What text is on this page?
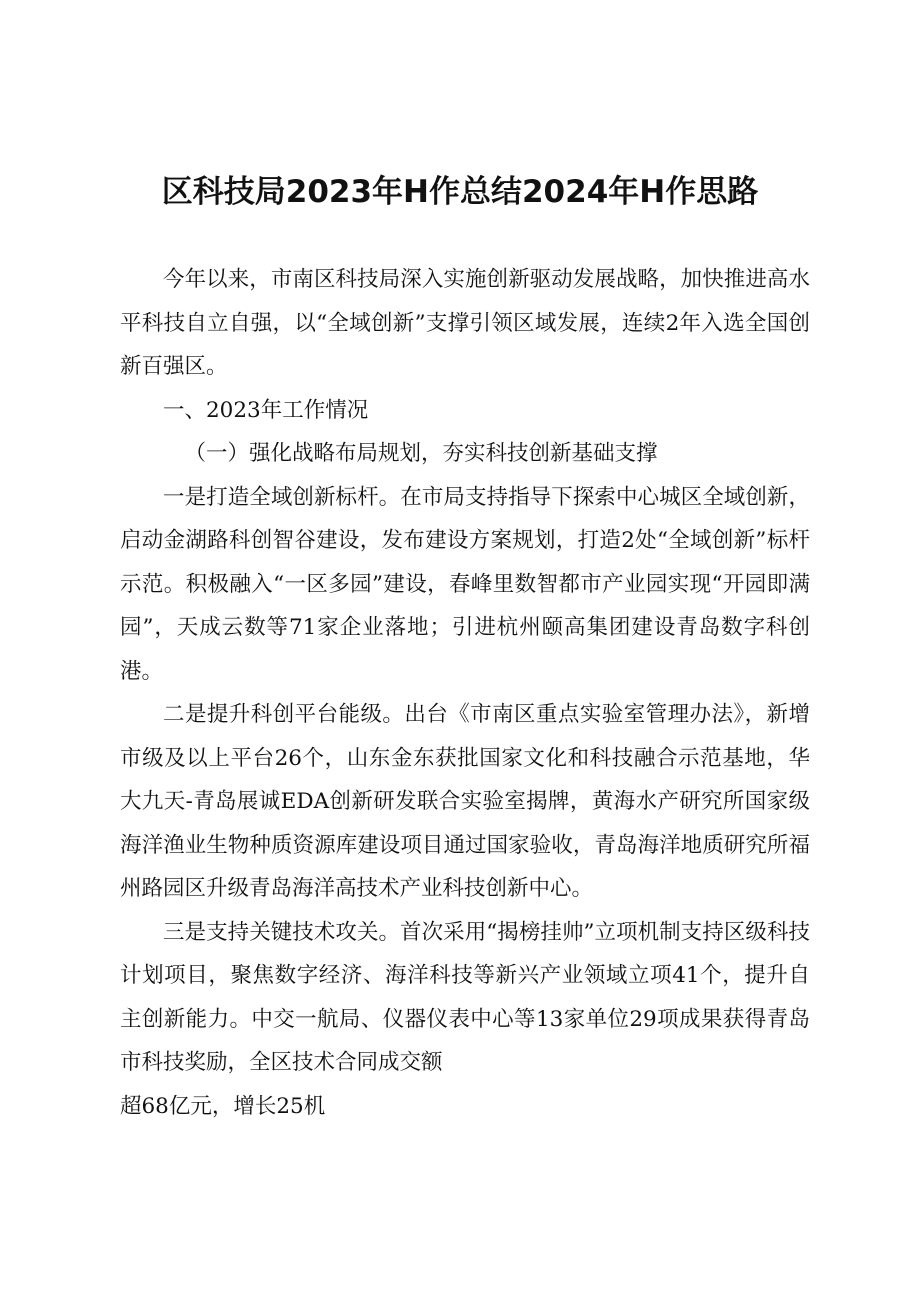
区科技局2023年H作总结2024年H作思路

今年以来，市南区科技局深入实施创新驱动发展战略，加快推进高水平科技自立自强，以“全域创新”支撑引领区域发展，连续2年入选全国创新百强区。

一、2023年工作情况

（一）强化战略布局规划，夯实科技创新基础支撑

一是打造全域创新标杆。在市局支持指导下探索中心城区全域创新，启动金湖路科创智谷建设，发布建设方案规划，打造2处“全域创新”标杆示范。积极融入“一区多园”建设，春峰里数智都市产业园实现“开园即满园”，天成云数等71家企业落地；引进杭州颐高集团建设青岛数字科创港。

二是提升科创平台能级。出台《市南区重点实验室管理办法》，新增市级及以上平台26个，山东金东获批国家文化和科技融合示范基地，华大九天-青岛展诚EDA创新研发联合实验室揭牌，黄海水产研究所国家级海洋渔业生物种质资源库建设项目通过国家验收，青岛海洋地质研究所福州路园区升级青岛海洋高技术产业科技创新中心。

三是支持关键技术攻关。首次采用“揭榜挂帅”立项机制支持区级科技计划项目，聚焦数字经济、海洋科技等新兴产业领域立项41个，提升自主创新能力。中交一航局、仪器仪表中心等13家单位29项成果获得青岛市科技奖励，全区技术合同成交额

超68亿元，增长25机
